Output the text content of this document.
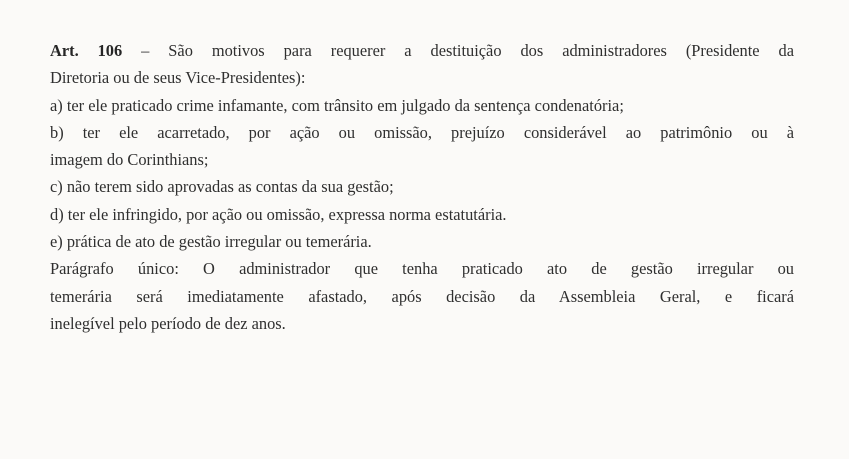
Art. 106 – São motivos para requerer a destituição dos administradores (Presidente da
Diretoria ou de seus Vice-Presidentes):
a) ter ele praticado crime infamante, com trânsito em julgado da sentença condenatória;
b) ter ele acarretado, por ação ou omissão, prejuízo considerável ao patrimônio ou à
imagem do Corinthians;
c) não terem sido aprovadas as contas da sua gestão;
d) ter ele infringido, por ação ou omissão, expressa norma estatutária.
e) prática de ato de gestão irregular ou temerária.
Parágrafo único: O administrador que tenha praticado ato de gestão irregular ou
temerária será imediatamente afastado, após decisão da Assembleia Geral, e ficará
inelegível pelo período de dez anos.
